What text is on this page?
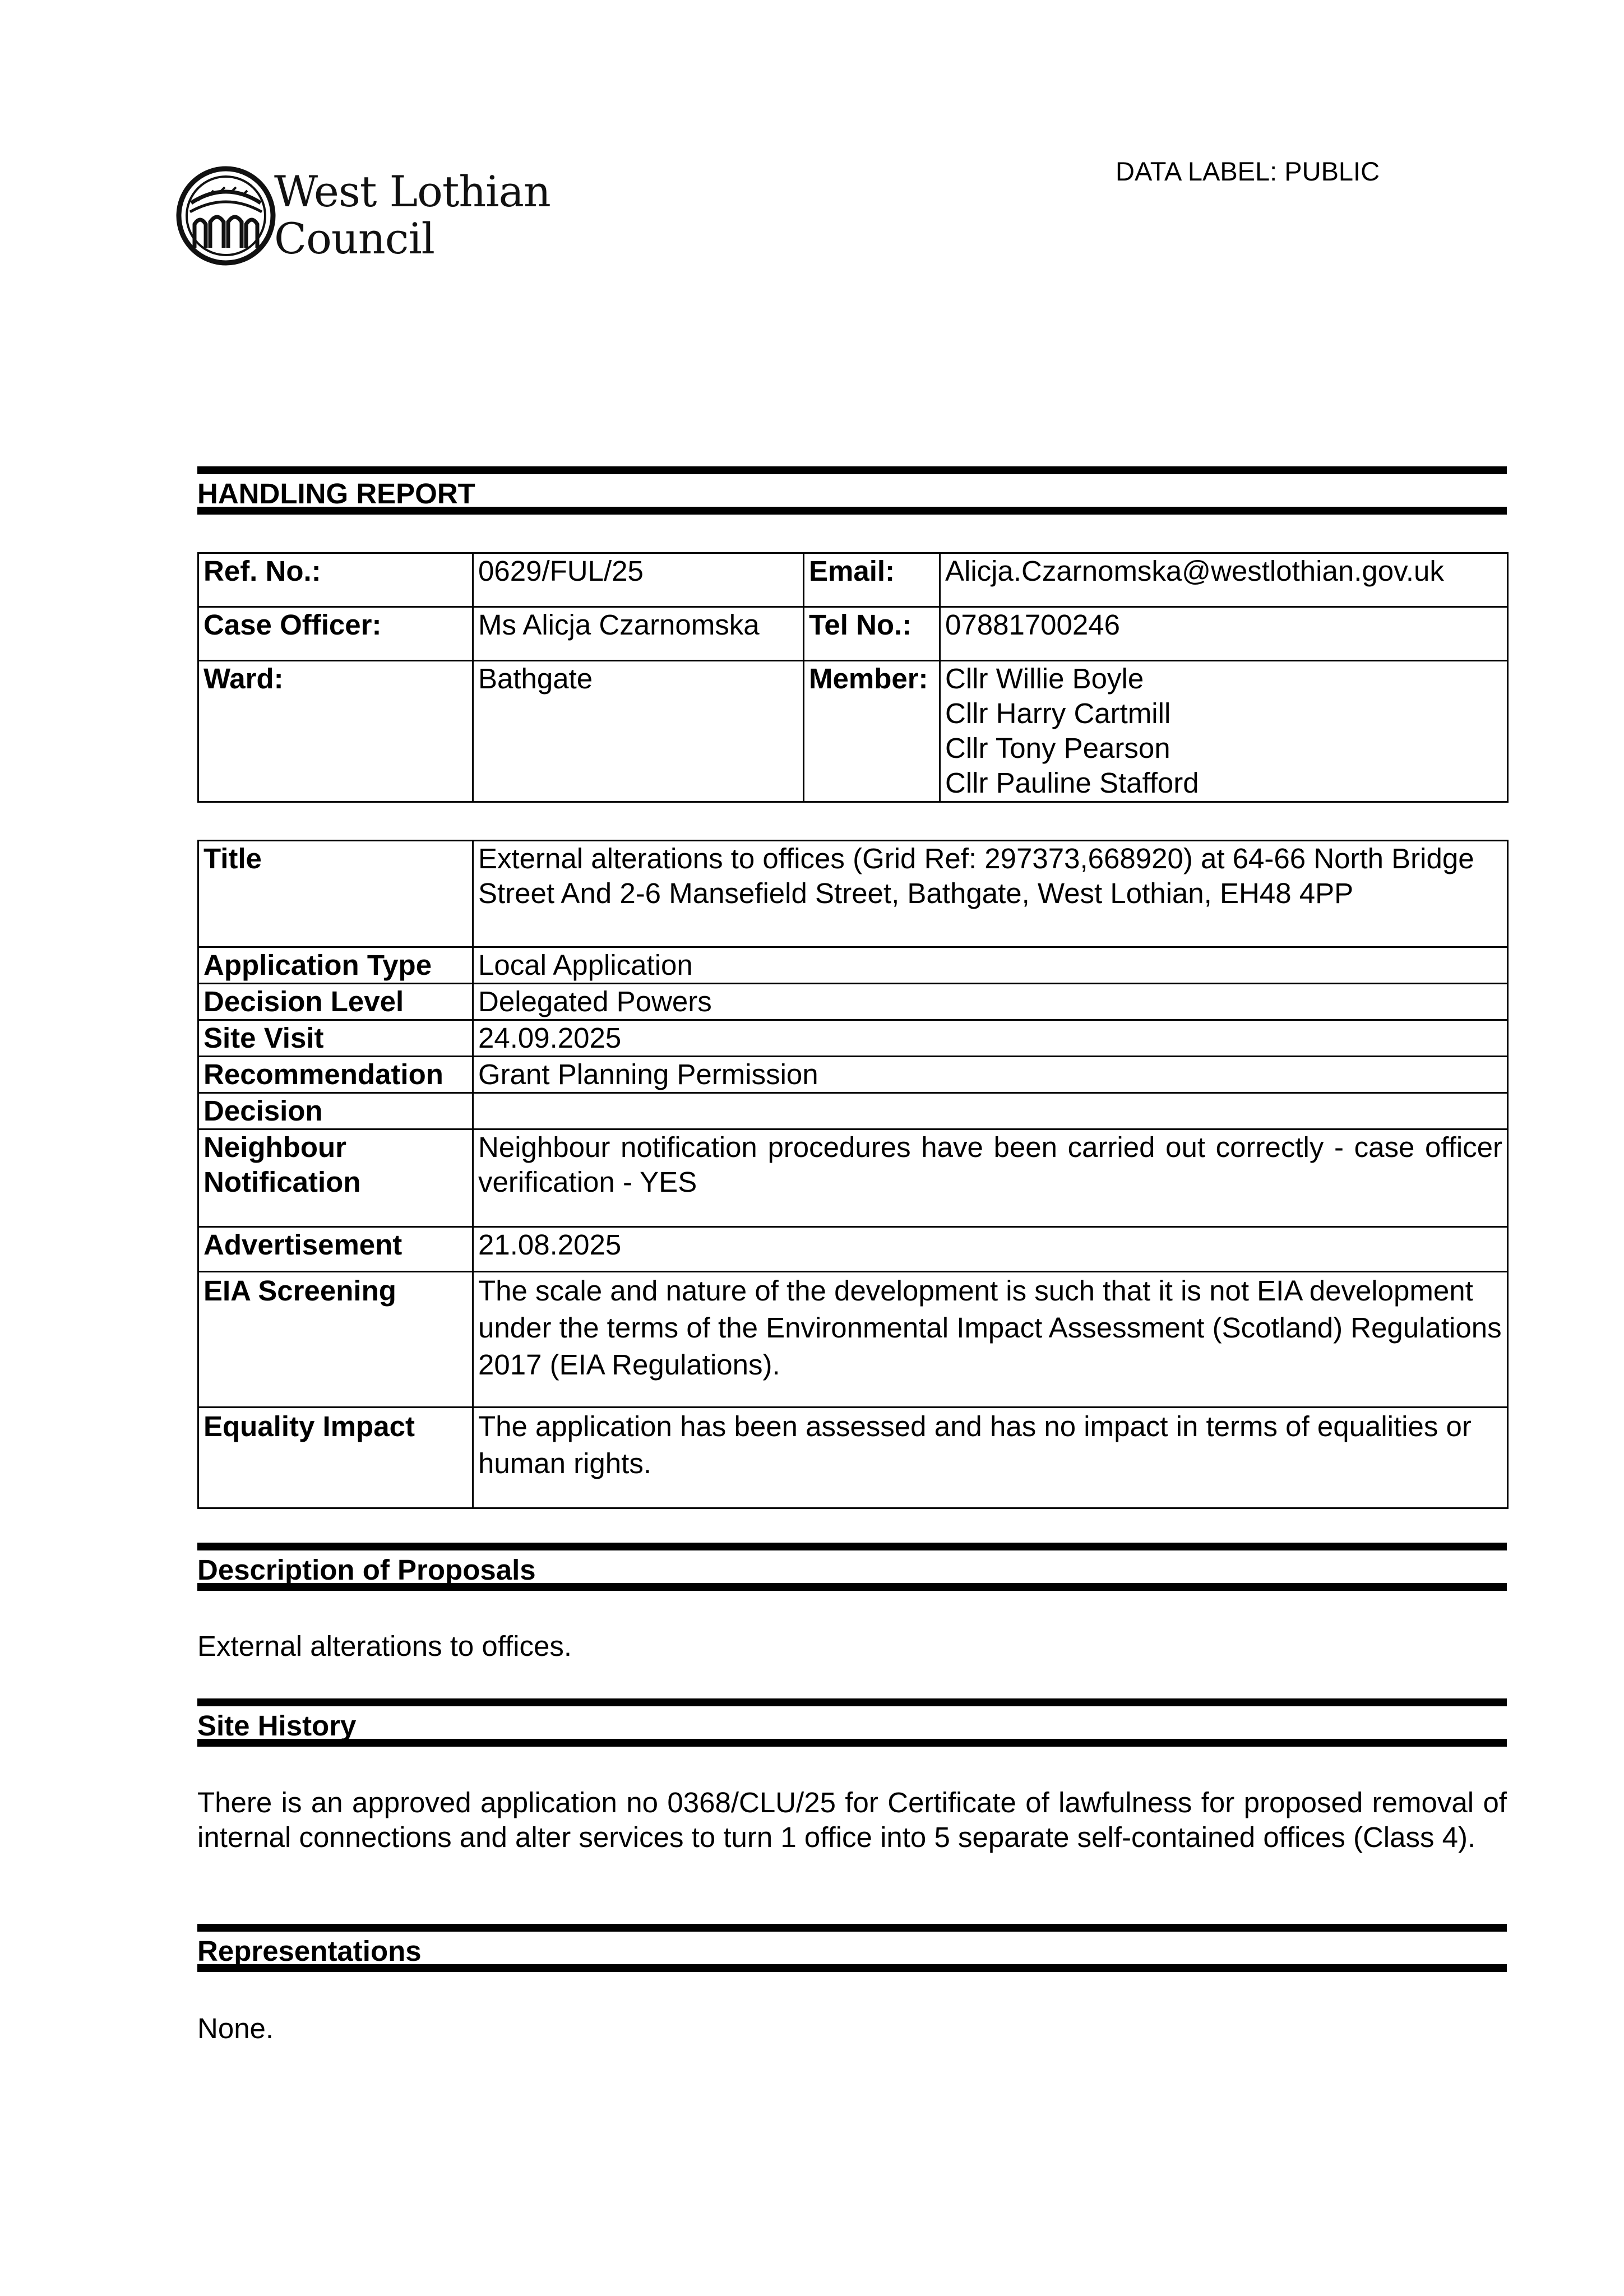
West Lothian
Council
DATA LABEL: PUBLIC
HANDLING REPORT
Ref. No.:	0629/FUL/25	Email:	Alicja.Czarnomska@westlothian.gov.uk
Case Officer:	Ms Alicja Czarnomska	Tel No.:	07881700246
Ward:	Bathgate	Member:	Cllr Willie Boyle
Cllr Harry Cartmill
Cllr Tony Pearson
Cllr Pauline Stafford
Title	External alterations to offices (Grid Ref: 297373,668920) at 64-66 North Bridge Street And 2-6 Mansefield Street, Bathgate, West Lothian, EH48 4PP
Application Type	Local Application
Decision Level	Delegated Powers
Site Visit	24.09.2025
Recommendation	Grant Planning Permission
Decision	

Neighbour
Notification	Neighbour notification procedures have been carried out correctly - case officer verification - YES
Advertisement	21.08.2025
EIA Screening	The scale and nature of the development is such that it is not EIA development under the terms of the Environmental Impact Assessment (Scotland) Regulations 2017 (EIA Regulations).
Equality Impact	The application has been assessed and has no impact in terms of equalities or human rights.
Description of Proposals
External alterations to offices.
Site History
There is an approved application no 0368/CLU/25 for Certificate of lawfulness for proposed removal of internal connections and alter services to turn 1 office into 5 separate self-contained offices (Class 4).
Representations
None.
